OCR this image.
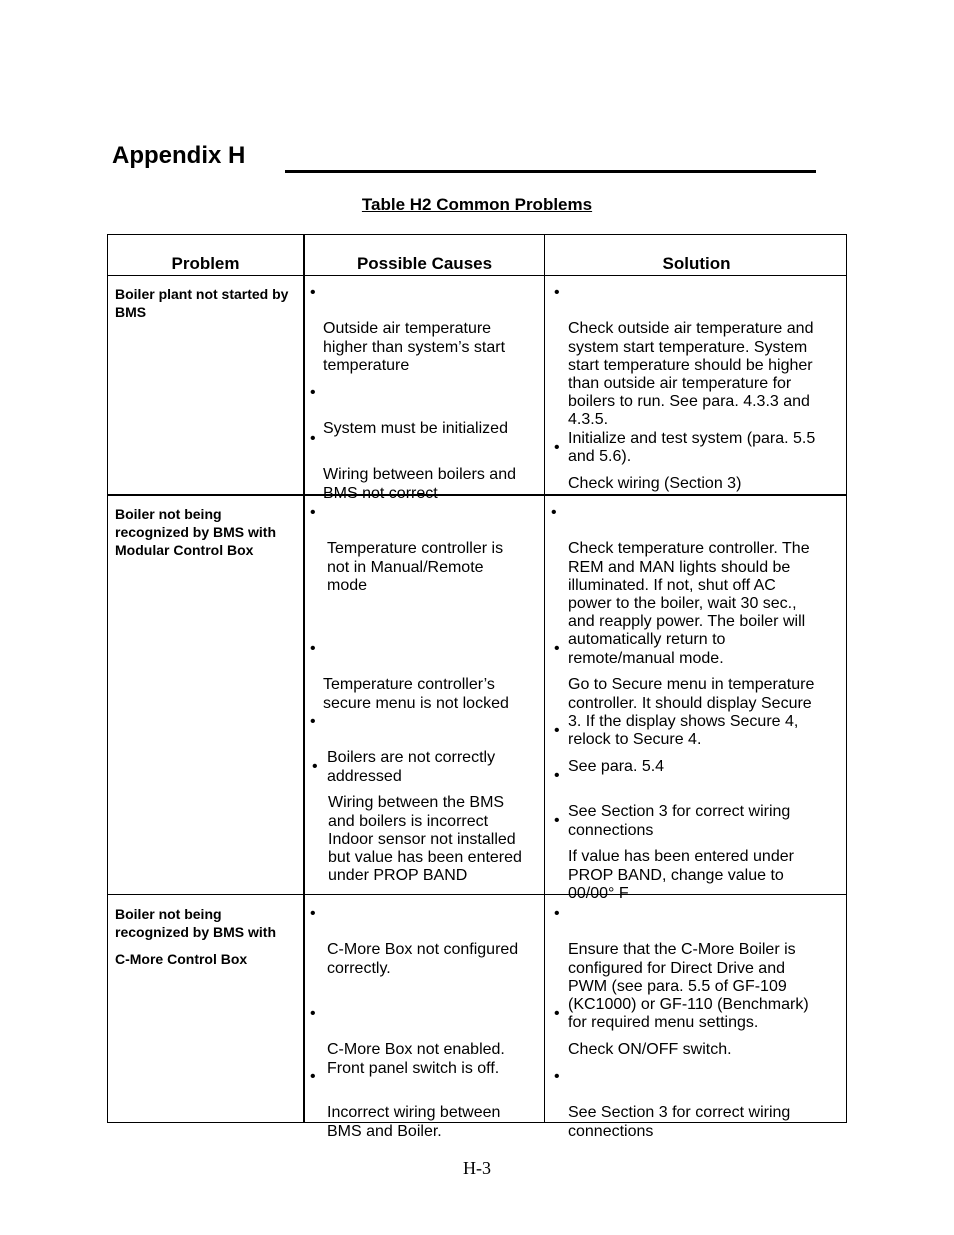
Appendix H
Table H2 Common Problems
Problem	Possible Causes	Solution
Boiler plant not started by BMS

•

Outside air temperature
higher than system’s start
temperature

•

System must be initialized

•

Wiring between boilers and
BMS not correct

•

Check outside air temperature and
system start temperature. System
start temperature should be higher
than outside air temperature for
boilers to run. See para. 4.3.3 and
4.3.5.
Initialize and test system (para. 5.5
and 5.6).

•

Check wiring (Section 3)

Boiler not being recognized by BMS with Modular Control Box

•

Temperature controller is
not in Manual/Remote
mode

•

Temperature controller’s
secure menu is not locked

•

Boilers are not correctly
addressed

•

Wiring between the BMS
and boilers is incorrect
Indoor sensor not installed
but value has been entered
under PROP BAND

•

Check temperature controller. The
REM and MAN lights should be
illuminated. If not, shut off AC
power to the boiler, wait 30 sec.,
and reapply power. The boiler will
automatically return to
remote/manual mode.

•

Go to Secure menu in temperature
controller. It should display Secure
3. If the display shows Secure 4,
relock to Secure 4.

•

See para. 5.4

•

See Section 3 for correct wiring
connections

•

If value has been entered under
PROP BAND, change value to
00/00° F

Boiler not being recognized by BMS with
C-More Control Box

•

C-More Box not configured
correctly.

•

C-More Box not enabled.
Front panel switch is off.

•

Incorrect wiring between
BMS and Boiler.

•

Ensure that the C-More Boiler is
configured for Direct Drive and
PWM (see para. 5.5 of GF-109
(KC1000) or GF-110 (Benchmark)
for required menu settings.

•

Check ON/OFF switch.

•

See Section 3 for correct wiring
connections

H-3
